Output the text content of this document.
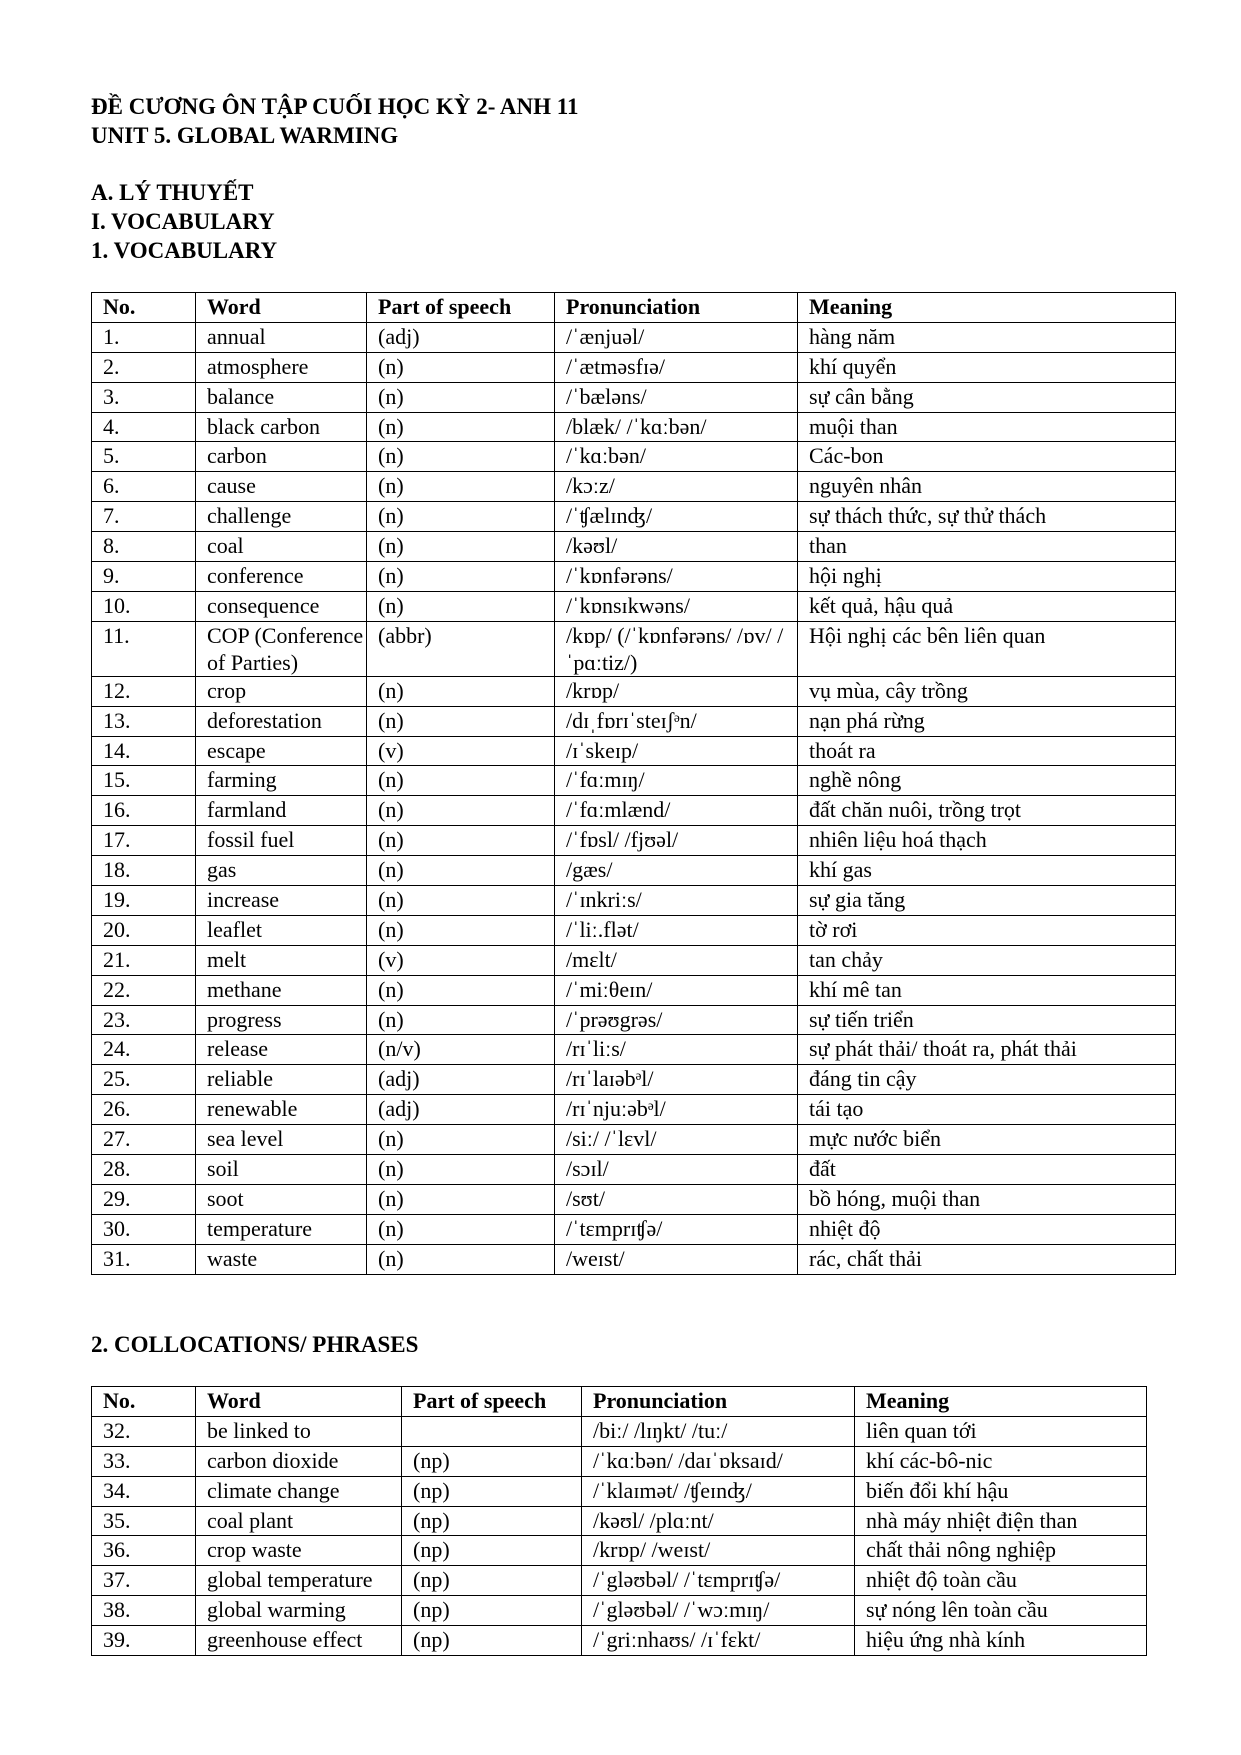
ĐỀ CƯƠNG ÔN TẬP CUỐI HỌC KỲ 2- ANH 11
UNIT 5. GLOBAL WARMING
A. LÝ THUYẾT
I. VOCABULARY
1. VOCABULARY
No.	Word	Part of speech	Pronunciation	Meaning
1.	annual	(adj)	/ˈænjuəl/	hàng năm
2.	atmosphere	(n)	/ˈætməsfɪə/	khí quyển
3.	balance	(n)	/ˈbæləns/	sự cân bằng
4.	black carbon	(n)	/blæk/ /ˈkɑːbən/	muội than
5.	carbon	(n)	/ˈkɑːbən/	Các-bon
6.	cause	(n)	/kɔːz/	nguyên nhân
7.	challenge	(n)	/ˈʧælɪnʤ/	sự thách thức, sự thử thách
8.	coal	(n)	/kəʊl/	than
9.	conference	(n)	/ˈkɒnfərəns/	hội nghị
10.	consequence	(n)	/ˈkɒnsɪkwəns/	kết quả, hậu quả
11.	COP (Conference of Parties)	(abbr)	/kɒp/ (/ˈkɒnfərəns/ /ɒv/ /ˈpɑːtiz/)	Hội nghị các bên liên quan
12.	crop	(n)	/krɒp/	vụ mùa, cây trồng
13.	deforestation	(n)	/dɪˌfɒrɪˈsteɪʃᵊn/	nạn phá rừng
14.	escape	(v)	/ɪˈskeɪp/	thoát ra
15.	farming	(n)	/ˈfɑːmɪŋ/	nghề nông
16.	farmland	(n)	/ˈfɑːmlænd/	đất chăn nuôi, trồng trọt
17.	fossil fuel	(n)	/ˈfɒsl/ /fjʊəl/	nhiên liệu hoá thạch
18.	gas	(n)	/gæs/	khí gas
19.	increase	(n)	/ˈɪnkriːs/	sự gia tăng
20.	leaflet	(n)	/ˈliː.flət/	tờ rơi
21.	melt	(v)	/mɛlt/	tan chảy
22.	methane	(n)	/ˈmiːθeɪn/	khí mê tan
23.	progress	(n)	/ˈprəʊgrəs/	sự tiến triển
24.	release	(n/v)	/rɪˈliːs/	sự phát thải/ thoát ra, phát thải
25.	reliable	(adj)	/rɪˈlaɪəbᵊl/	đáng tin cậy
26.	renewable	(adj)	/rɪˈnjuːəbᵊl/	tái tạo
27.	sea level	(n)	/siː/ /ˈlɛvl/	mực nước biển
28.	soil	(n)	/sɔɪl/	đất
29.	soot	(n)	/sʊt/	bồ hóng, muội than
30.	temperature	(n)	/ˈtɛmprɪʧə/	nhiệt độ
31.	waste	(n)	/weɪst/	rác, chất thải
2. COLLOCATIONS/ PHRASES
No.	Word	Part of speech	Pronunciation	Meaning
32.	be linked to		/biː/ /lɪŋkt/ /tuː/	liên quan tới
33.	carbon dioxide	(np)	/ˈkɑːbən/ /daɪˈɒksaɪd/	khí các-bô-nic
34.	climate change	(np)	/ˈklaɪmət/ /ʧeɪnʤ/	biến đổi khí hậu
35.	coal plant	(np)	/kəʊl/ /plɑːnt/	nhà máy nhiệt điện than
36.	crop waste	(np)	/krɒp/ /weɪst/	chất thải nông nghiệp
37.	global temperature	(np)	/ˈgləʊbəl/ /ˈtɛmprɪʧə/	nhiệt độ toàn cầu
38.	global warming	(np)	/ˈgləʊbəl/ /ˈwɔːmɪŋ/	sự nóng lên toàn cầu
39.	greenhouse effect	(np)	/ˈgriːnhaʊs/ /ɪˈfɛkt/	hiệu ứng nhà kính
